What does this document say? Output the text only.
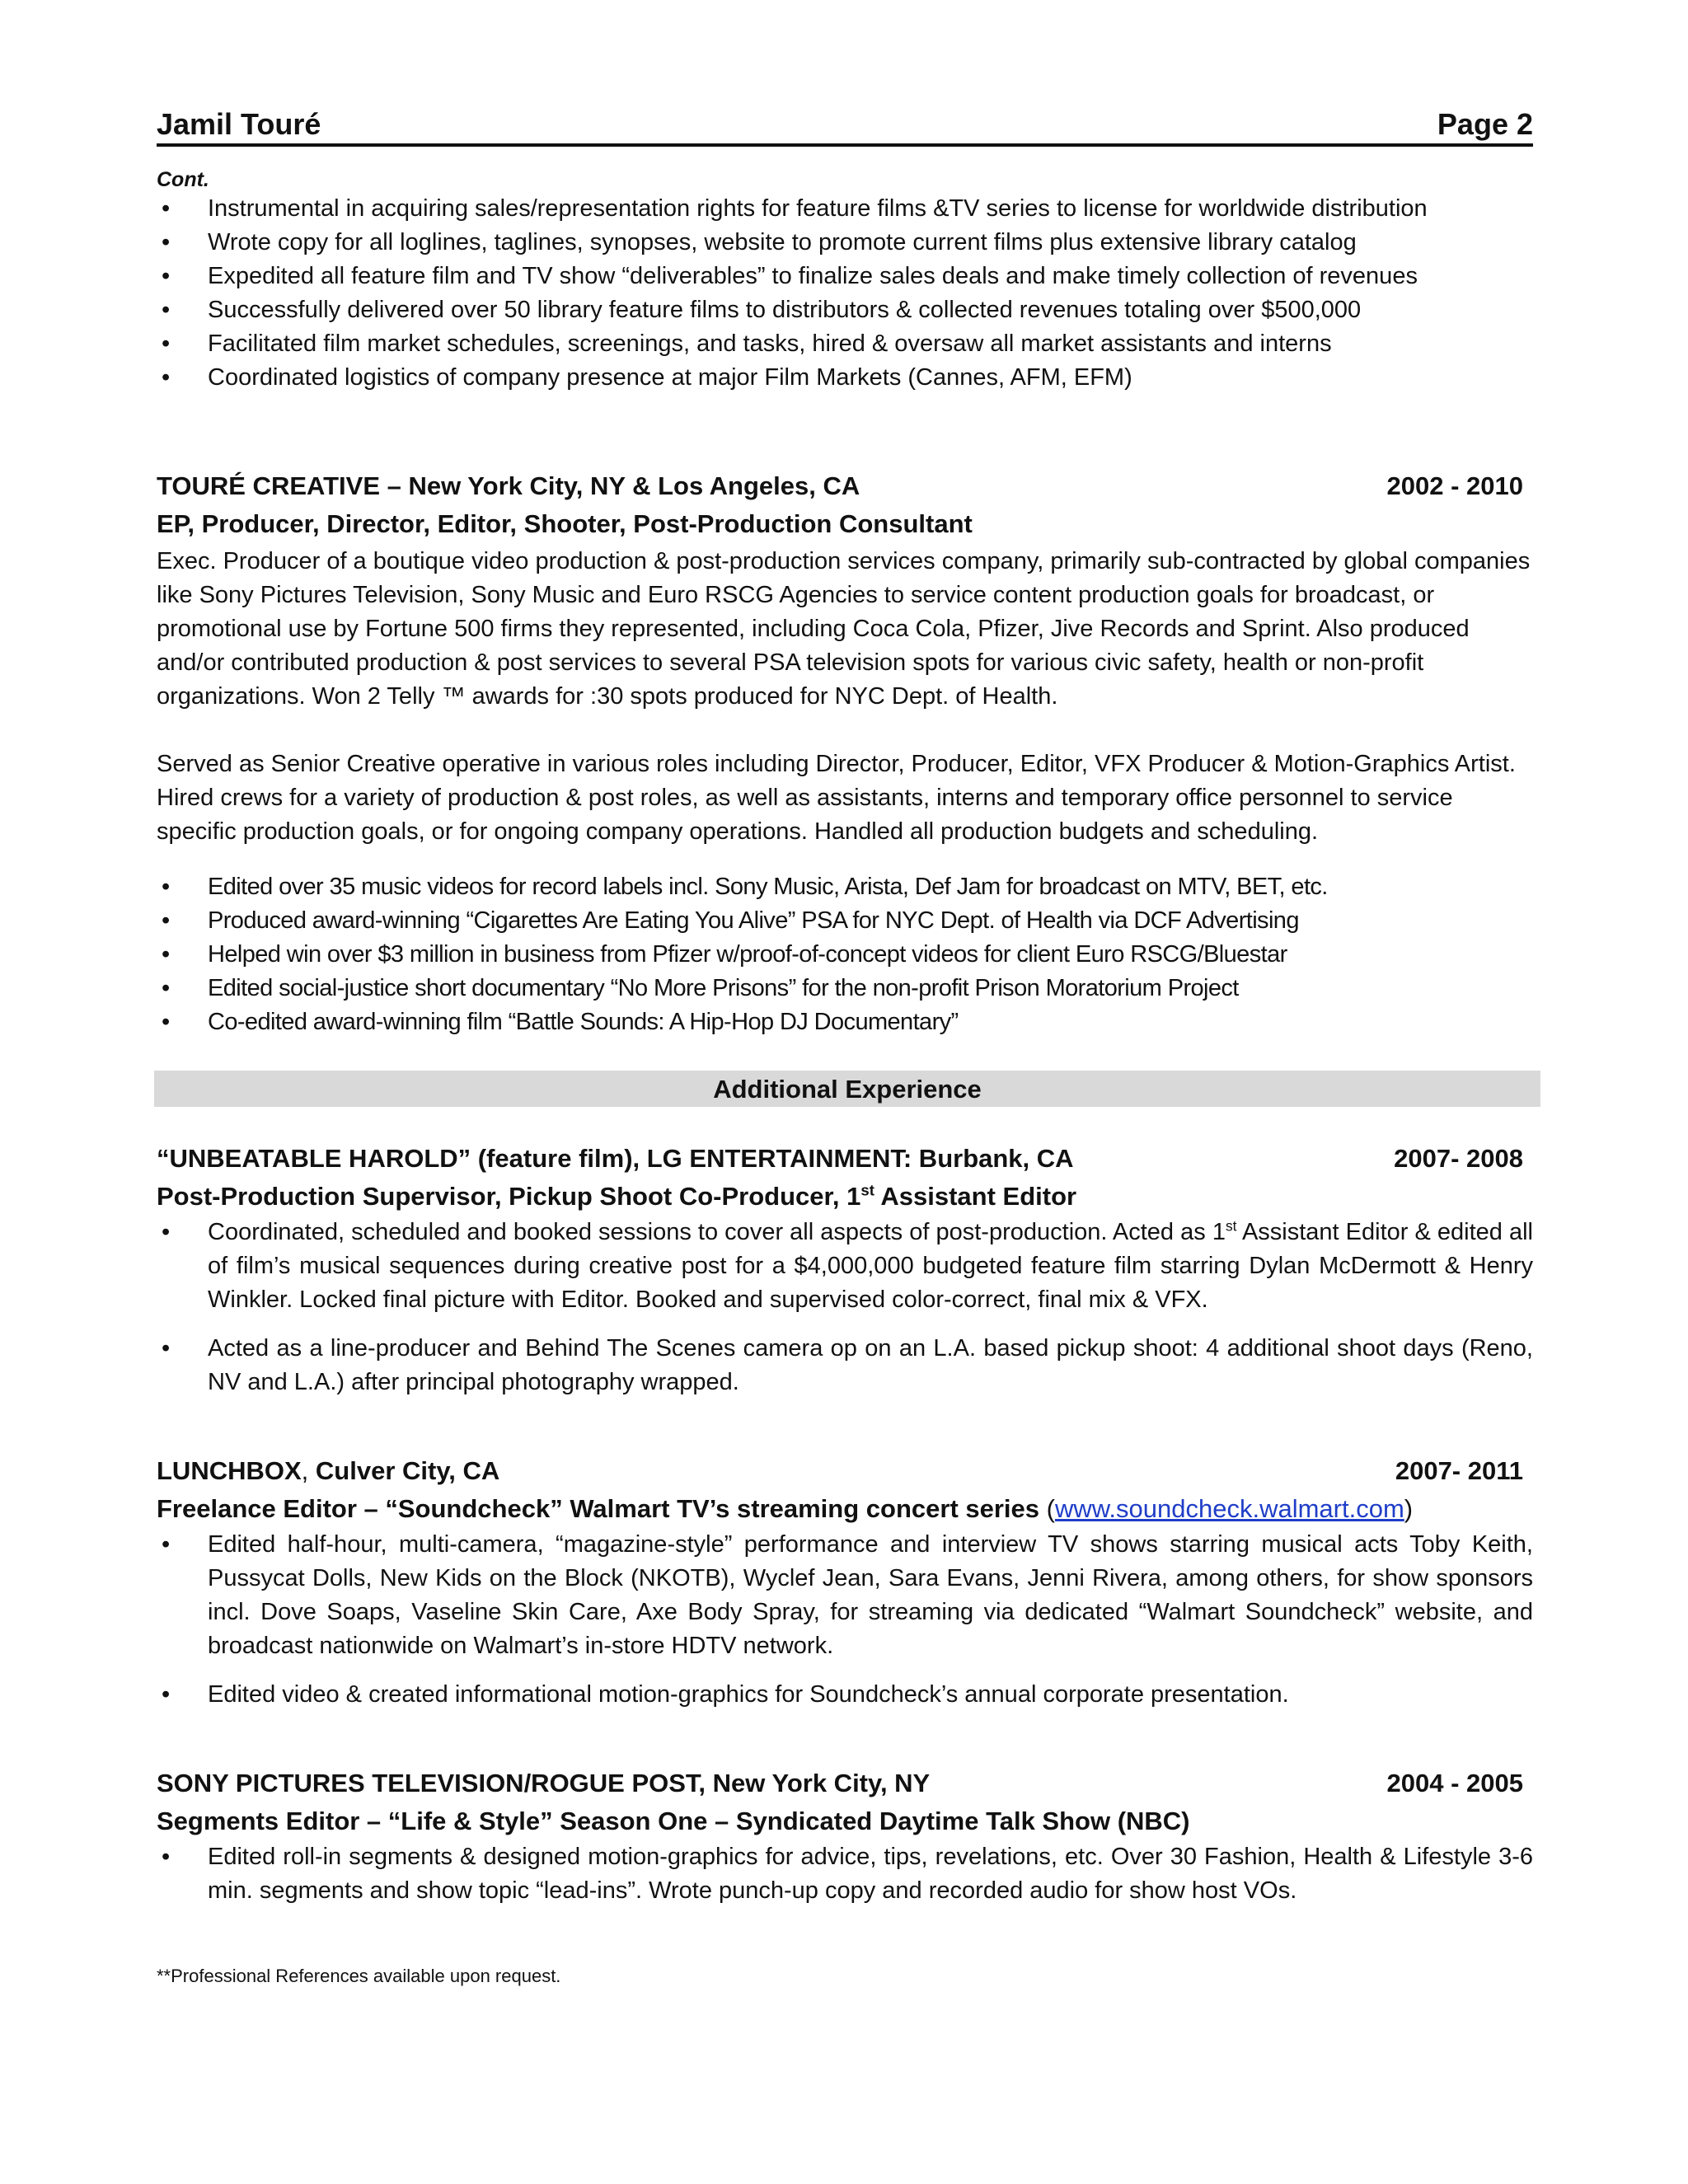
Jamil Touré	Page 2
Cont.
• Instrumental in acquiring sales/representation rights for feature films &TV series to license for worldwide distribution
• Wrote copy for all loglines, taglines, synopses, website to promote current films plus extensive library catalog
• Expedited all feature film and TV show “deliverables” to finalize sales deals and make timely collection of revenues
• Successfully delivered over 50 library feature films to distributors & collected revenues totaling over $500,000
• Facilitated film market schedules, screenings, and tasks, hired & oversaw all market assistants and interns
• Coordinated logistics of company presence at major Film Markets (Cannes, AFM, EFM)
TOURÉ CREATIVE – New York City, NY & Los Angeles, CA	2002 - 2010
EP, Producer, Director, Editor, Shooter, Post-Production Consultant
Exec. Producer of a boutique video production & post-production services company, primarily sub-contracted by global companies like Sony Pictures Television, Sony Music and Euro RSCG Agencies to service content production goals for broadcast, or promotional use by Fortune 500 firms they represented, including Coca Cola, Pfizer, Jive Records and Sprint. Also produced and/or contributed production & post services to several PSA television spots for various civic safety, health or non-profit organizations. Won 2 Telly ™ awards for :30 spots produced for NYC Dept. of Health.
Served as Senior Creative operative in various roles including Director, Producer, Editor, VFX Producer & Motion-Graphics Artist. Hired crews for a variety of production & post roles, as well as assistants, interns and temporary office personnel to service specific production goals, or for ongoing company operations. Handled all production budgets and scheduling.
• Edited over 35 music videos for record labels incl. Sony Music, Arista, Def Jam for broadcast on MTV, BET, etc.
• Produced award-winning “Cigarettes Are Eating You Alive” PSA for NYC Dept. of Health via DCF Advertising
• Helped win over $3 million in business from Pfizer w/proof-of-concept videos for client Euro RSCG/Bluestar
• Edited social-justice short documentary “No More Prisons” for the non-profit Prison Moratorium Project
• Co-edited award-winning film “Battle Sounds: A Hip-Hop DJ Documentary”
Additional Experience
“UNBEATABLE HAROLD” (feature film), LG ENTERTAINMENT: Burbank, CA	2007- 2008
Post-Production Supervisor, Pickup Shoot Co-Producer, 1st Assistant Editor
• Coordinated, scheduled and booked sessions to cover all aspects of post-production. Acted as 1st Assistant Editor & edited all of film’s musical sequences during creative post for a $4,000,000 budgeted feature film starring Dylan McDermott & Henry Winkler. Locked final picture with Editor. Booked and supervised color-correct, final mix & VFX.
• Acted as a line-producer and Behind The Scenes camera op on an L.A. based pickup shoot: 4 additional shoot days (Reno, NV and L.A.) after principal photography wrapped.
LUNCHBOX, Culver City, CA	2007- 2011
Freelance Editor – “Soundcheck” Walmart TV’s streaming concert series (www.soundcheck.walmart.com)
• Edited half-hour, multi-camera, “magazine-style” performance and interview TV shows starring musical acts Toby Keith, Pussycat Dolls, New Kids on the Block (NKOTB), Wyclef Jean, Sara Evans, Jenni Rivera, among others, for show sponsors incl. Dove Soaps, Vaseline Skin Care, Axe Body Spray, for streaming via dedicated “Walmart Soundcheck” website, and broadcast nationwide on Walmart’s in-store HDTV network.
• Edited video & created informational motion-graphics for Soundcheck’s annual corporate presentation.
SONY PICTURES TELEVISION/ROGUE POST, New York City, NY	2004 - 2005
Segments Editor – “Life & Style” Season One – Syndicated Daytime Talk Show (NBC)
• Edited roll-in segments & designed motion-graphics for advice, tips, revelations, etc. Over 30 Fashion, Health & Lifestyle 3-6 min. segments and show topic “lead-ins”. Wrote punch-up copy and recorded audio for show host VOs.
**Professional References available upon request.
